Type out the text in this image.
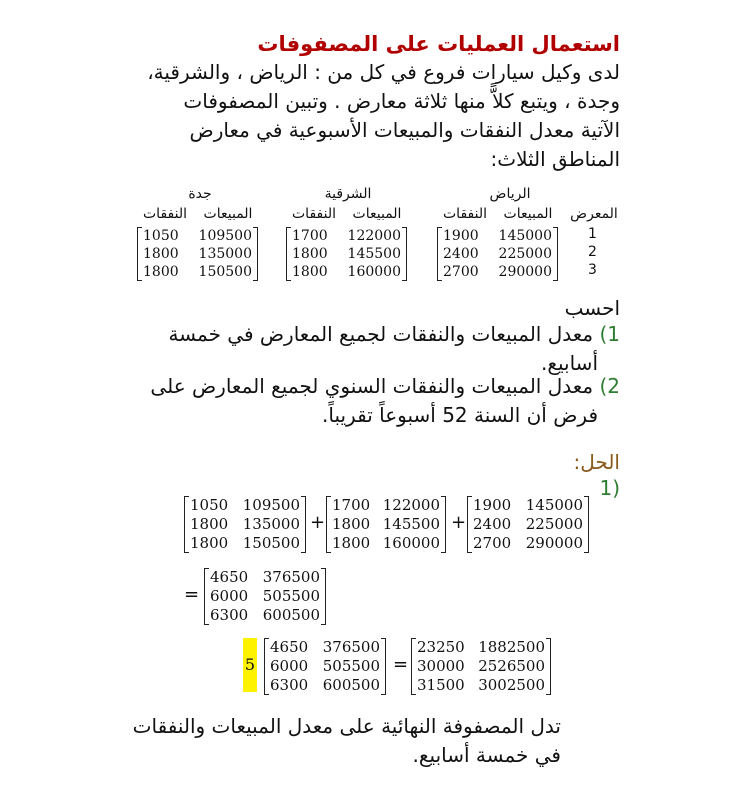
استعمال العمليات على المصفوفات
لدى وكيل سيارات فروع في كل من : الرياض ، والشرقية،
وجدة ، ويتبع كلاًّ منها ثلاثة معارض . وتبين المصفوفات
الآتية معدل النفقات والمبيعات الأسبوعية في معارض
المناطق الثلاث:
الرياض
الشرقية
جدة
المعرض
المبيعات
النفقات
المبيعات
النفقات
المبيعات
النفقات
1
2
3
1900 145000
2400 225000
2700 290000
1700 122000
1800 145500
1800 160000
1050 109500
1800 135000
1800 150500
احسب
1) معدل المبيعات والنفقات لجميع المعارض في خمسة
أسابيع.
2) معدل المبيعات والنفقات السنوي لجميع المعارض على
فرض أن السنة 52 أسبوعاً تقريباً.
الحل:
1)
1050 109500
1800 135000
1800 150500
+
1700 122000
1800 145500
1800 160000
+
1900 145000
2400 225000
2700 290000
=
4650 376500
6000 505500
6300 600500
5
4650 376500
6000 505500
6300 600500
=
23250 1882500
30000 2526500
31500 3002500
تدل المصفوفة النهائية على معدل المبيعات والنفقات
في خمسة أسابيع.
